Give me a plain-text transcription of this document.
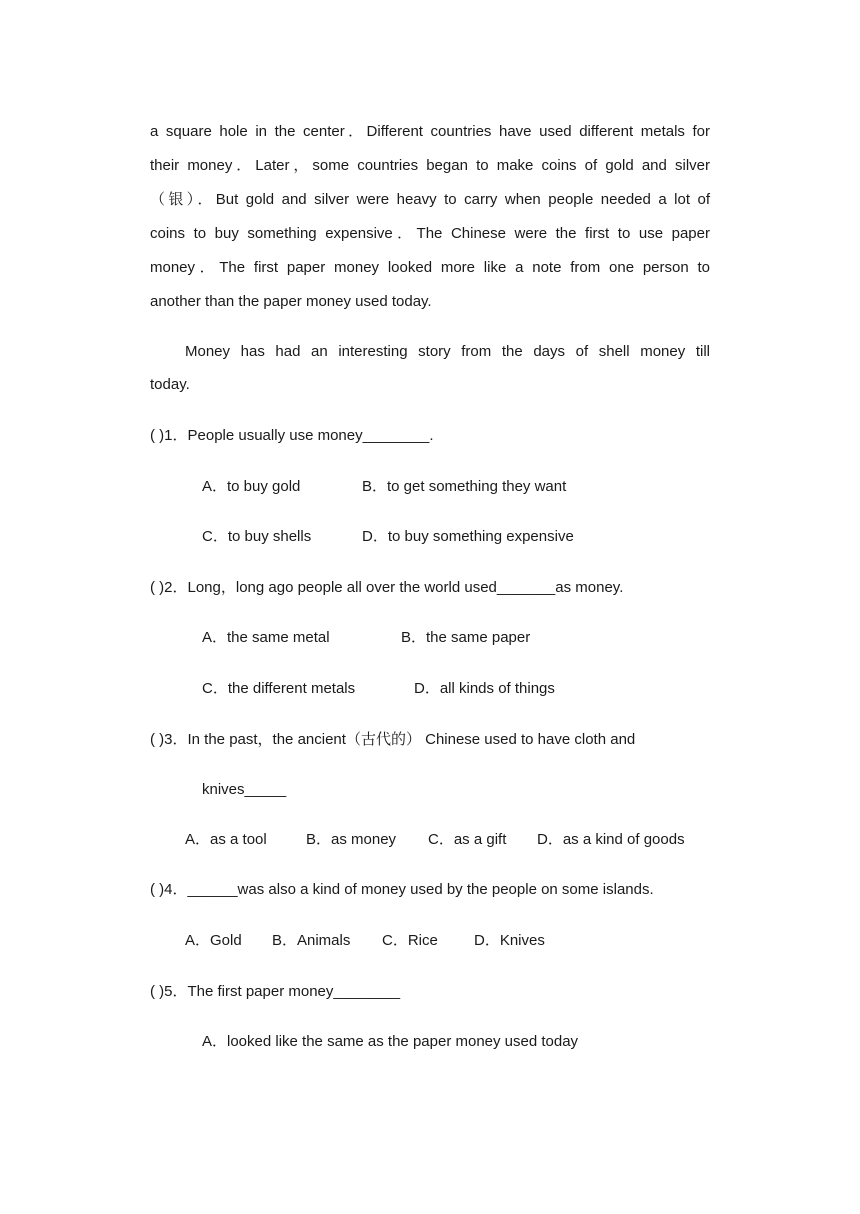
a square hole in the center．Different countries have used different metals for
their money．Later，some countries began to make coins of gold and silver
（银）．But gold and silver were heavy to carry when people needed a lot of
coins to buy something expensive．The Chinese were the first to use paper
money．The first paper money looked more like a note from one person to
another than the paper money used today.
Money has had an interesting story from the days of shell money till
today.
( )1．People usually use money________.
A．to buy gold	B．to get something they want
C．to buy shells	D．to buy something expensive
( )2．Long，long ago people all over the world used_______as money.
A．the same metal	B．the same paper
C．the different metals	D．all kinds of things
( )3．In the past，the ancient（古代的） Chinese used to have cloth and
knives_____
A．as a tool	B．as money C．as a gift D．as a kind of goods
( )4．______was also a kind of money used by the people on some islands.
A．Gold B．Animals C．Rice D．Knives
( )5．The first paper money________
A．looked like the same as the paper money used today
